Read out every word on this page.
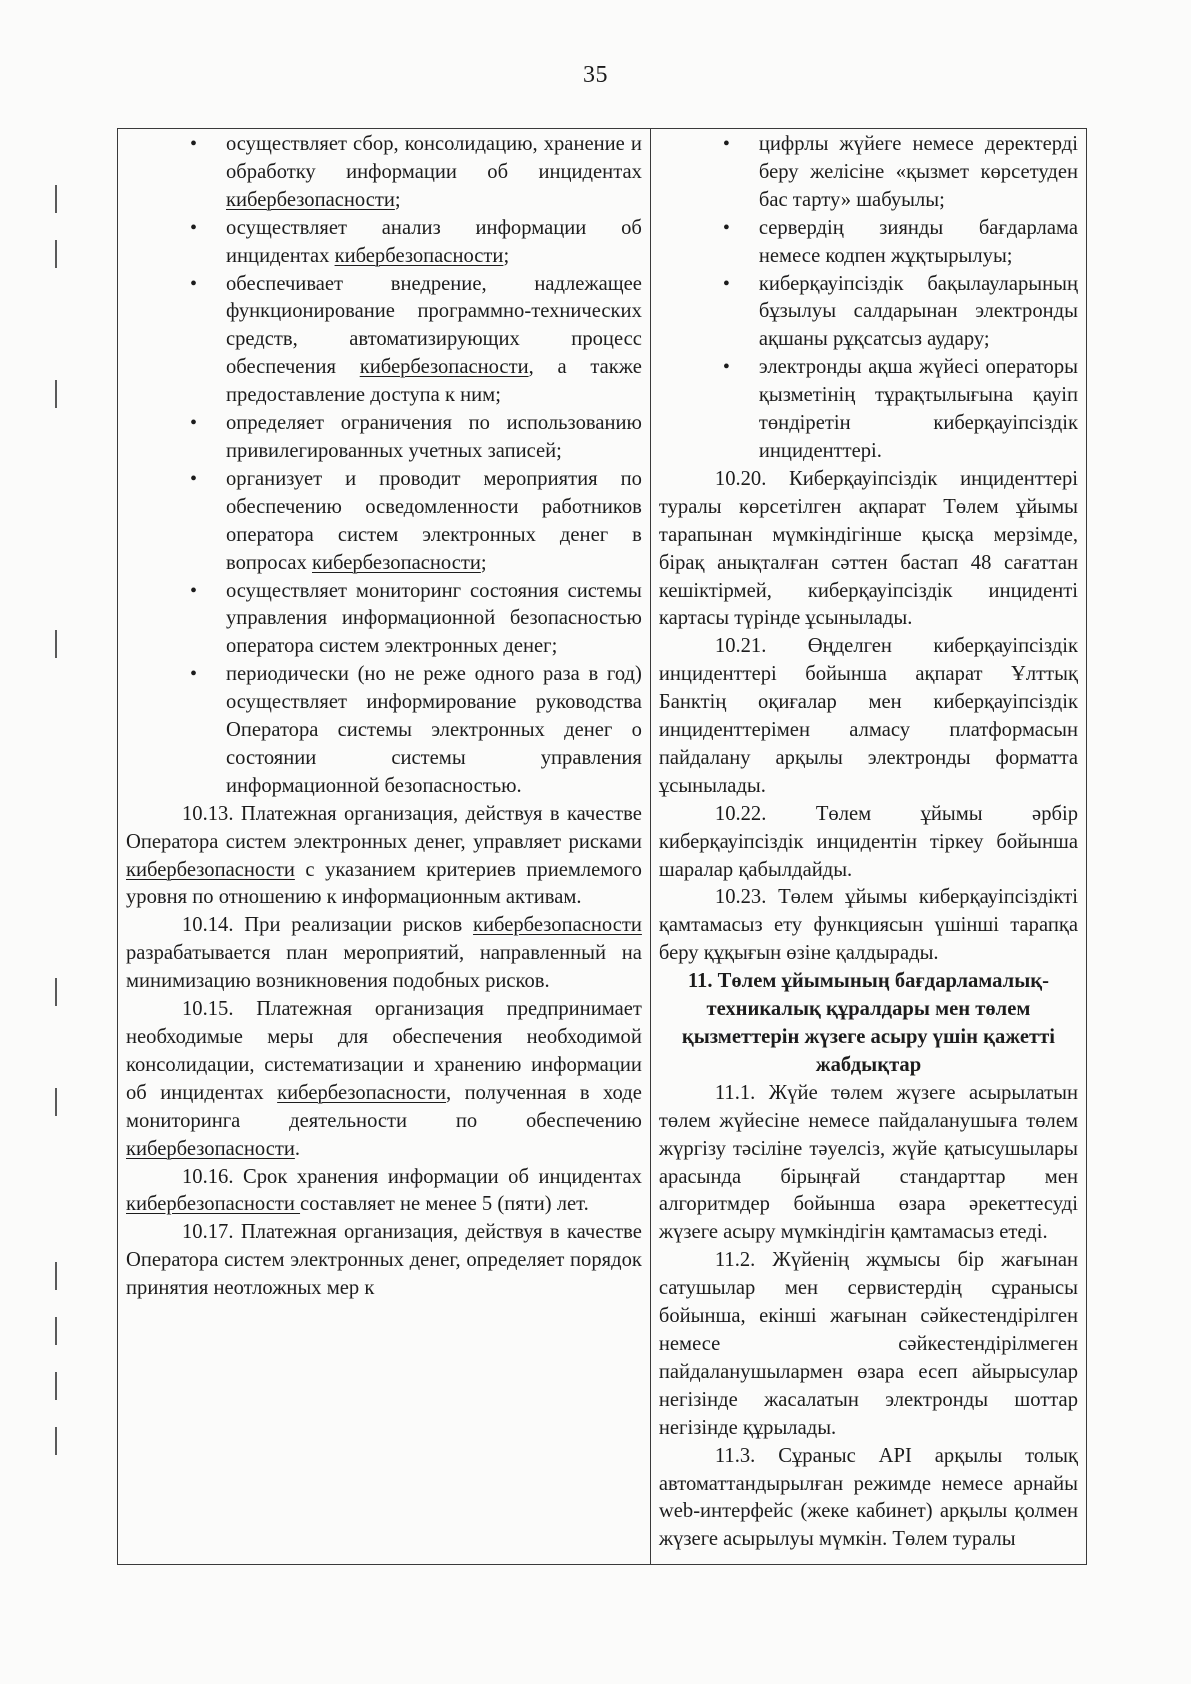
35
• осуществляет сбор, консолидацию, хранение и обработку информации об инцидентах кибербезопасности;
• осуществляет анализ информации об инцидентах кибербезопасности;
• обеспечивает внедрение, надлежащее функционирование программно-технических средств, автоматизирующих процесс обеспечения кибербезопасности, а также предоставление доступа к ним;
• определяет ограничения по использованию привилегированных учетных записей;
• организует и проводит мероприятия по обеспечению осведомленности работников оператора систем электронных денег в вопросах кибербезопасности;
• осуществляет мониторинг состояния системы управления информационной безопасностью оператора систем электронных денег;
• периодически (но не реже одного раза в год) осуществляет информирование руководства Оператора системы электронных денег о состоянии системы управления информационной безопасностью.

10.13. Платежная организация, действуя в качестве Оператора систем электронных денег, управляет рисками кибербезопасности с указанием критериев приемлемого уровня по отношению к информационным активам.

10.14. При реализации рисков кибербезопасности разрабатывается план мероприятий, направленный на минимизацию возникновения подобных рисков.

10.15. Платежная организация предпринимает необходимые меры для обеспечения необходимой консолидации, систематизации и хранению информации об инцидентах кибербезопасности, полученная в ходе мониторинга деятельности по обеспечению кибербезопасности.

10.16. Срок хранения информации об инцидентах кибербезопасности составляет не менее 5 (пяти) лет.

10.17. Платежная организация, действуя в качестве Оператора систем электронных денег, определяет порядок принятия неотложных мер к

• цифрлы жүйеге немесе деректерді беру желісіне «қызмет көрсетуден бас тарту» шабуылы;
• сервердің зиянды бағдарлама немесе кодпен жұқтырылуы;
• киберқауіпсіздік бақылауларының бұзылуы салдарынан электронды ақшаны рұқсатсыз аудару;
• электронды ақша жүйесі операторы қызметінің тұрақтылығына қауіп төндіретін киберқауіпсіздік инциденттері.

10.20. Киберқауіпсіздік инциденттері туралы көрсетілген ақпарат Төлем ұйымы тарапынан мүмкіндігінше қысқа мерзімде, бірақ анықталған сәттен бастап 48 сағаттан кешіктірмей, киберқауіпсіздік инциденті картасы түрінде ұсынылады.

10.21. Өңделген киберқауіпсіздік инциденттері бойынша ақпарат Ұлттық Банктің оқиғалар мен киберқауіпсіздік инциденттерімен алмасу платформасын пайдалану арқылы электронды форматта ұсынылады.

10.22. Төлем ұйымы әрбір киберқауіпсіздік инцидентін тіркеу бойынша шаралар қабылдайды.

10.23. Төлем ұйымы киберқауіпсіздікті қамтамасыз ету функциясын үшінші тарапқа беру құқығын өзіне қалдырады.

11. Төлем ұйымының бағдарламалық-техникалық құралдары мен төлем қызметтерін жүзеге асыру үшін қажетті жабдықтар

11.1. Жүйе төлем жүзеге асырылатын төлем жүйесіне немесе пайдаланушыға төлем жүргізу тәсіліне тәуелсіз, жүйе қатысушылары арасында бірыңғай стандарттар мен алгоритмдер бойынша өзара әрекеттесуді жүзеге асыру мүмкіндігін қамтамасыз етеді.

11.2. Жүйенің жұмысы бір жағынан сатушылар мен сервистердің сұранысы бойынша, екінші жағынан сәйкестендірілген немесе сәйкестендірілмеген пайдаланушылармен өзара есеп айырысулар негізінде жасалатын электронды шоттар негізінде құрылады.

11.3. Сұраныс API арқылы толық автоматтандырылған режимде немесе арнайы web-интерфейс (жеке кабинет) арқылы қолмен жүзеге асырылуы мүмкін. Төлем туралы
